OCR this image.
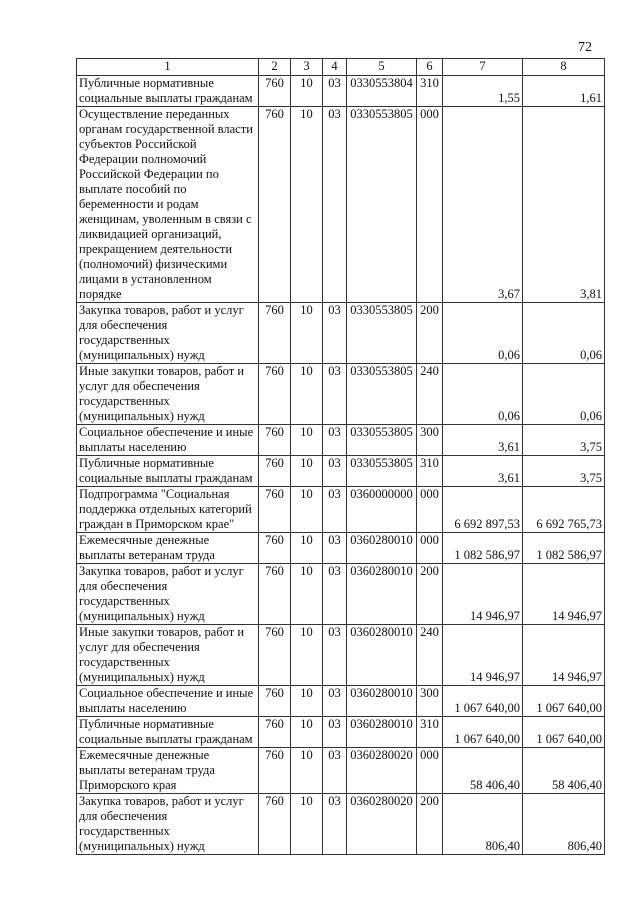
72
1	2	3	4	5	6	7	8
Публичные нормативные социальные выплаты гражданам	760	10	03	0330553804	310	1,55	1,61
Осуществление переданных органам государственной власти субъектов Российской Федерации полномочий Российской Федерации по выплате пособий по беременности и родам женщинам, уволенным в связи с ликвидацией организаций, прекращением деятельности (полномочий) физическими лицами в установленном порядке	760	10	03	0330553805	000	3,67	3,81
Закупка товаров, работ и услуг для обеспечения государственных (муниципальных) нужд	760	10	03	0330553805	200	0,06	0,06
Иные закупки товаров, работ и услуг для обеспечения государственных (муниципальных) нужд	760	10	03	0330553805	240	0,06	0,06
Социальное обеспечение и иные выплаты населению	760	10	03	0330553805	300	3,61	3,75
Публичные нормативные социальные выплаты гражданам	760	10	03	0330553805	310	3,61	3,75
Подпрограмма "Социальная поддержка отдельных категорий граждан в Приморском крае"	760	10	03	0360000000	000	6 692 897,53	6 692 765,73
Ежемесячные денежные выплаты ветеранам труда	760	10	03	0360280010	000	1 082 586,97	1 082 586,97
Закупка товаров, работ и услуг для обеспечения государственных (муниципальных) нужд	760	10	03	0360280010	200	14 946,97	14 946,97
Иные закупки товаров, работ и услуг для обеспечения государственных (муниципальных) нужд	760	10	03	0360280010	240	14 946,97	14 946,97
Социальное обеспечение и иные выплаты населению	760	10	03	0360280010	300	1 067 640,00	1 067 640,00
Публичные нормативные социальные выплаты гражданам	760	10	03	0360280010	310	1 067 640,00	1 067 640,00
Ежемесячные денежные выплаты ветеранам труда Приморского края	760	10	03	0360280020	000	58 406,40	58 406,40
Закупка товаров, работ и услуг для обеспечения государственных (муниципальных) нужд	760	10	03	0360280020	200	806,40	806,40
